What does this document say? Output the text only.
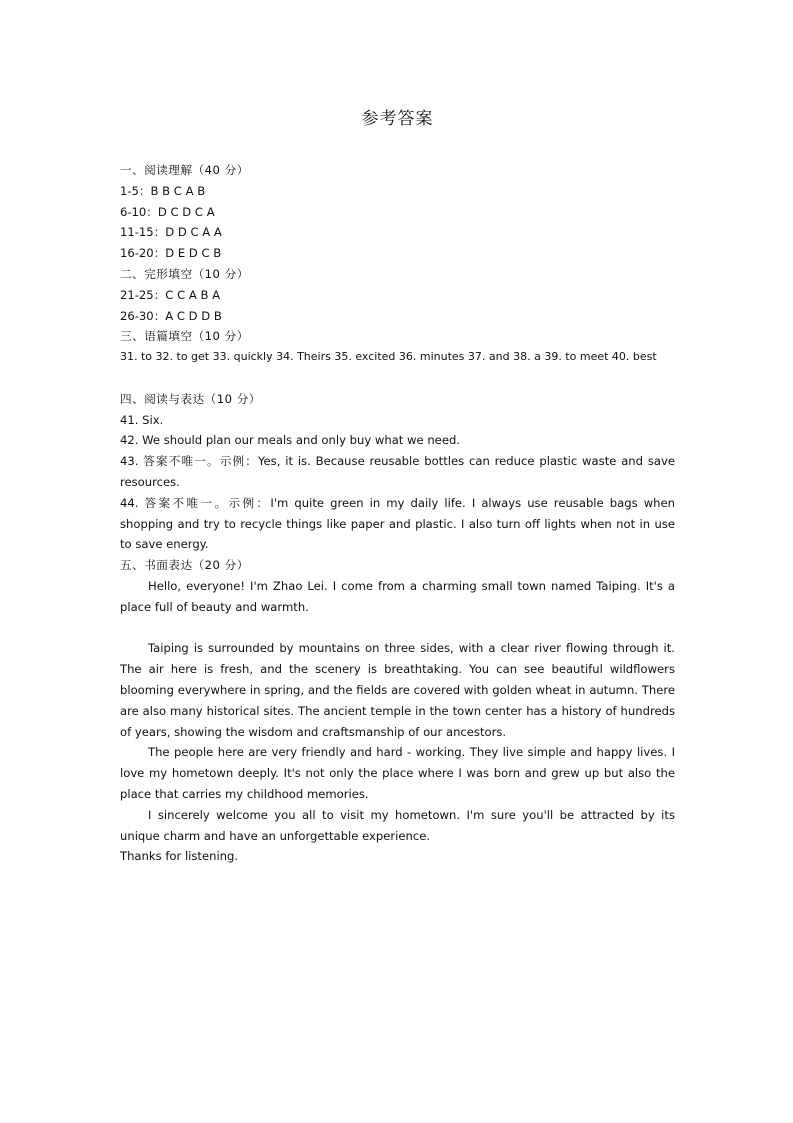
参考答案
一、阅读理解（40 分）
1-5：B B C A B
6-10：D C D C A
11-15：D D C A A
16-20：D E D C B
二、完形填空（10 分）
21-25：C C A B A
26-30：A C D D B
三、语篇填空（10 分）
31. to 32. to get 33. quickly 34. Theirs 35. excited 36. minutes 37. and 38. a 39. to meet 40. best
四、阅读与表达（10 分）
41. Six.
42. We should plan our meals and only buy what we need.
43. 答案不唯一。示例：Yes, it is. Because reusable bottles can reduce plastic waste and save resources.
44. 答案不唯一。示例：I'm quite green in my daily life. I always use reusable bags when shopping and try to recycle things like paper and plastic. I also turn off lights when not in use to save energy.
五、书面表达（20 分）
Hello, everyone! I'm Zhao Lei. I come from a charming small town named Taiping. It's a place full of beauty and warmth.
Taiping is surrounded by mountains on three sides, with a clear river flowing through it. The air here is fresh, and the scenery is breathtaking. You can see beautiful wildflowers blooming everywhere in spring, and the fields are covered with golden wheat in autumn. There are also many historical sites. The ancient temple in the town center has a history of hundreds of years, showing the wisdom and craftsmanship of our ancestors.
The people here are very friendly and hard - working. They live simple and happy lives. I love my hometown deeply. It's not only the place where I was born and grew up but also the place that carries my childhood memories.
I sincerely welcome you all to visit my hometown. I'm sure you'll be attracted by its unique charm and have an unforgettable experience.
Thanks for listening.
